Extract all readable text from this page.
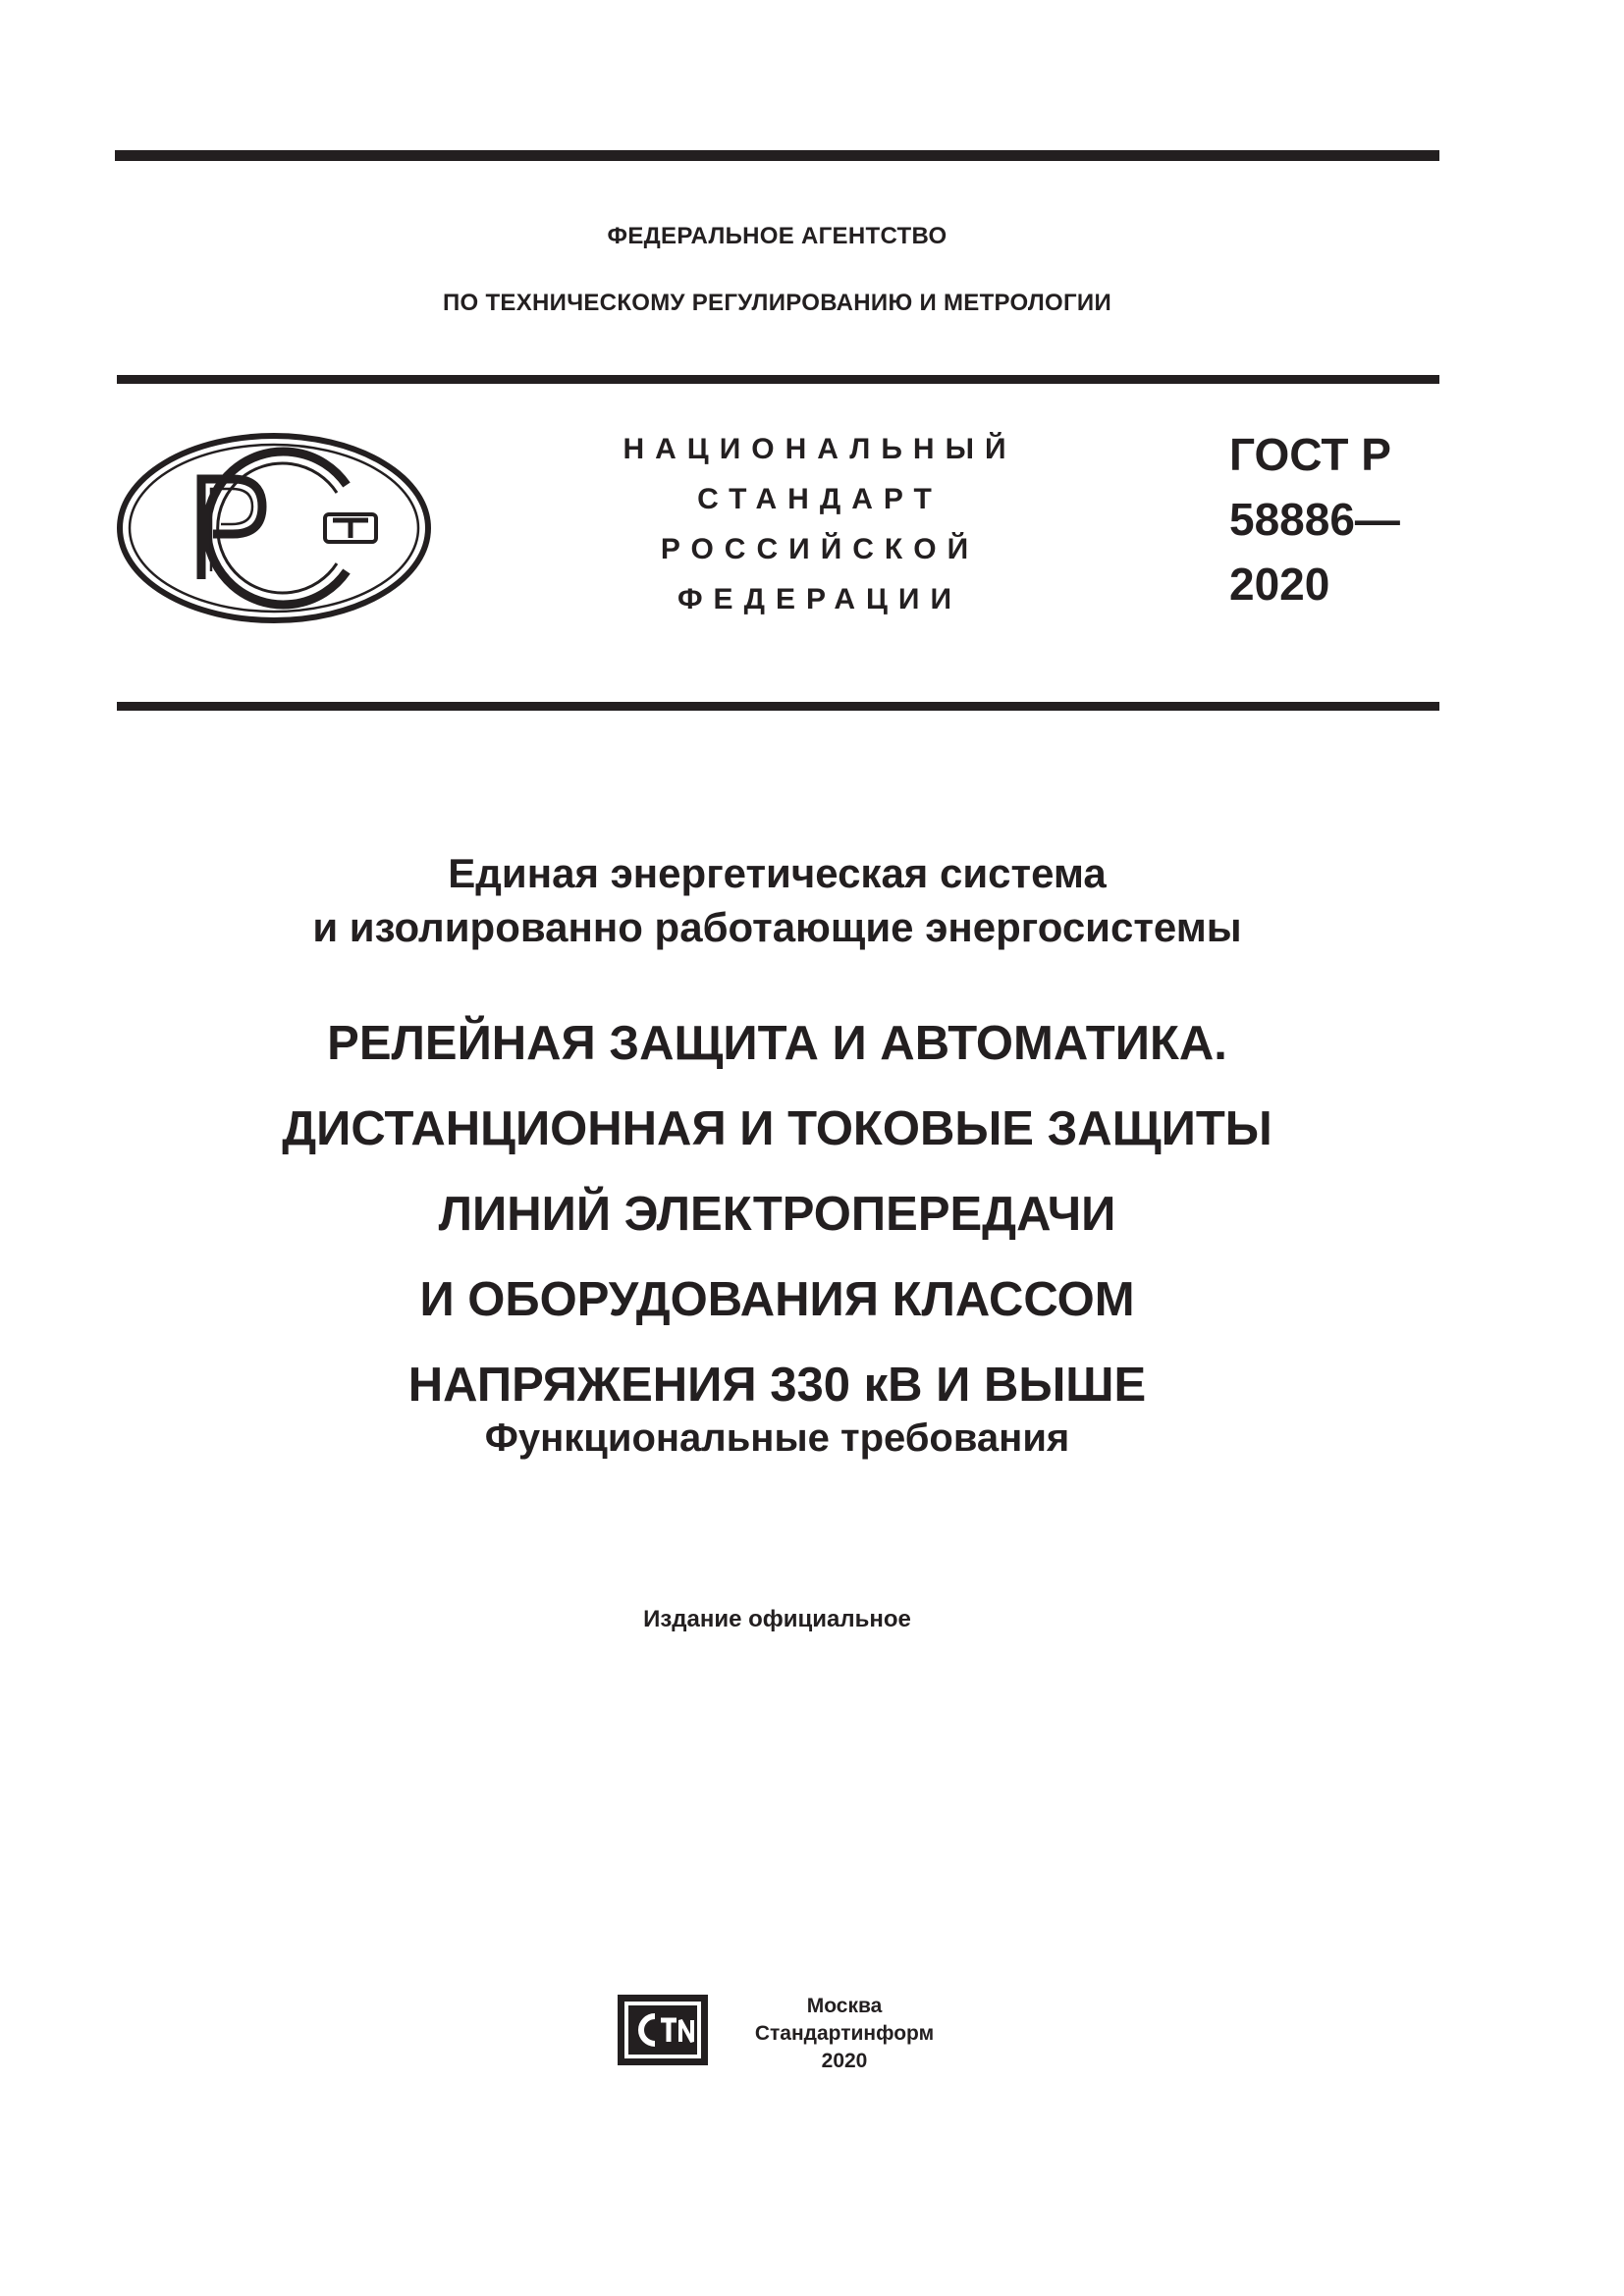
ФЕДЕРАЛЬНОЕ АГЕНТСТВО
ПО ТЕХНИЧЕСКОМУ РЕГУЛИРОВАНИЮ И МЕТРОЛОГИИ
НАЦИОНАЛЬНЫЙ
СТАНДАРТ
РОССИЙСКОЙ
ФЕДЕРАЦИИ
ГОСТ Р
58886—
2020
Единая энергетическая система
и изолированно работающие энергосистемы
РЕЛЕЙНАЯ ЗАЩИТА И АВТОМАТИКА.
ДИСТАНЦИОННАЯ И ТОКОВЫЕ ЗАЩИТЫ
ЛИНИЙ ЭЛЕКТРОПЕРЕДАЧИ
И ОБОРУДОВАНИЯ КЛАССОМ
НАПРЯЖЕНИЯ 330 кВ И ВЫШЕ
Функциональные требования
Издание официальное
Москва
Стандартинформ
2020
